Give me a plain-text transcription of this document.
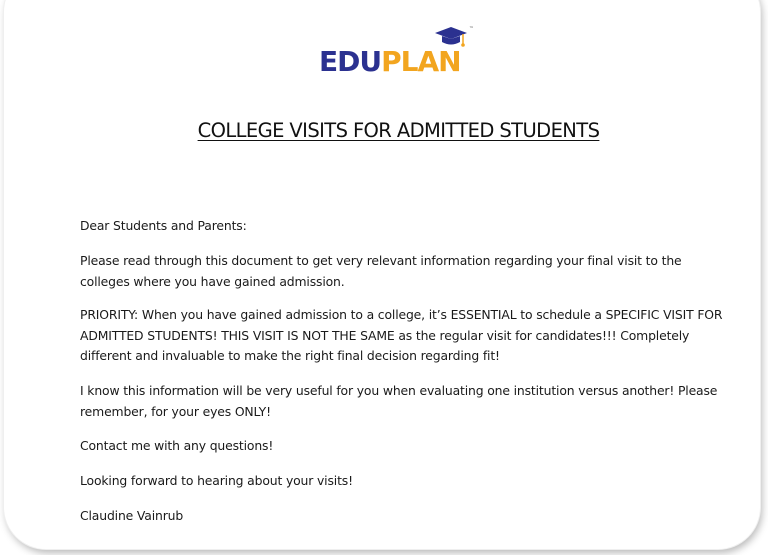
™
EDUPLAN
COLLEGE VISITS FOR ADMITTED STUDENTS

Dear Students and Parents:

Please read through this document to get very relevant information regarding your final visit to the colleges where you have gained admission.

PRIORITY: When you have gained admission to a college, it’s ESSENTIAL to schedule a SPECIFIC VISIT FOR ADMITTED STUDENTS! THIS VISIT IS NOT THE SAME as the regular visit for candidates!!! Completely different and invaluable to make the right final decision regarding fit!

I know this information will be very useful for you when evaluating one institution versus another! Please remember, for your eyes ONLY!

Contact me with any questions!

Looking forward to hearing about your visits!

Claudine Vainrub
